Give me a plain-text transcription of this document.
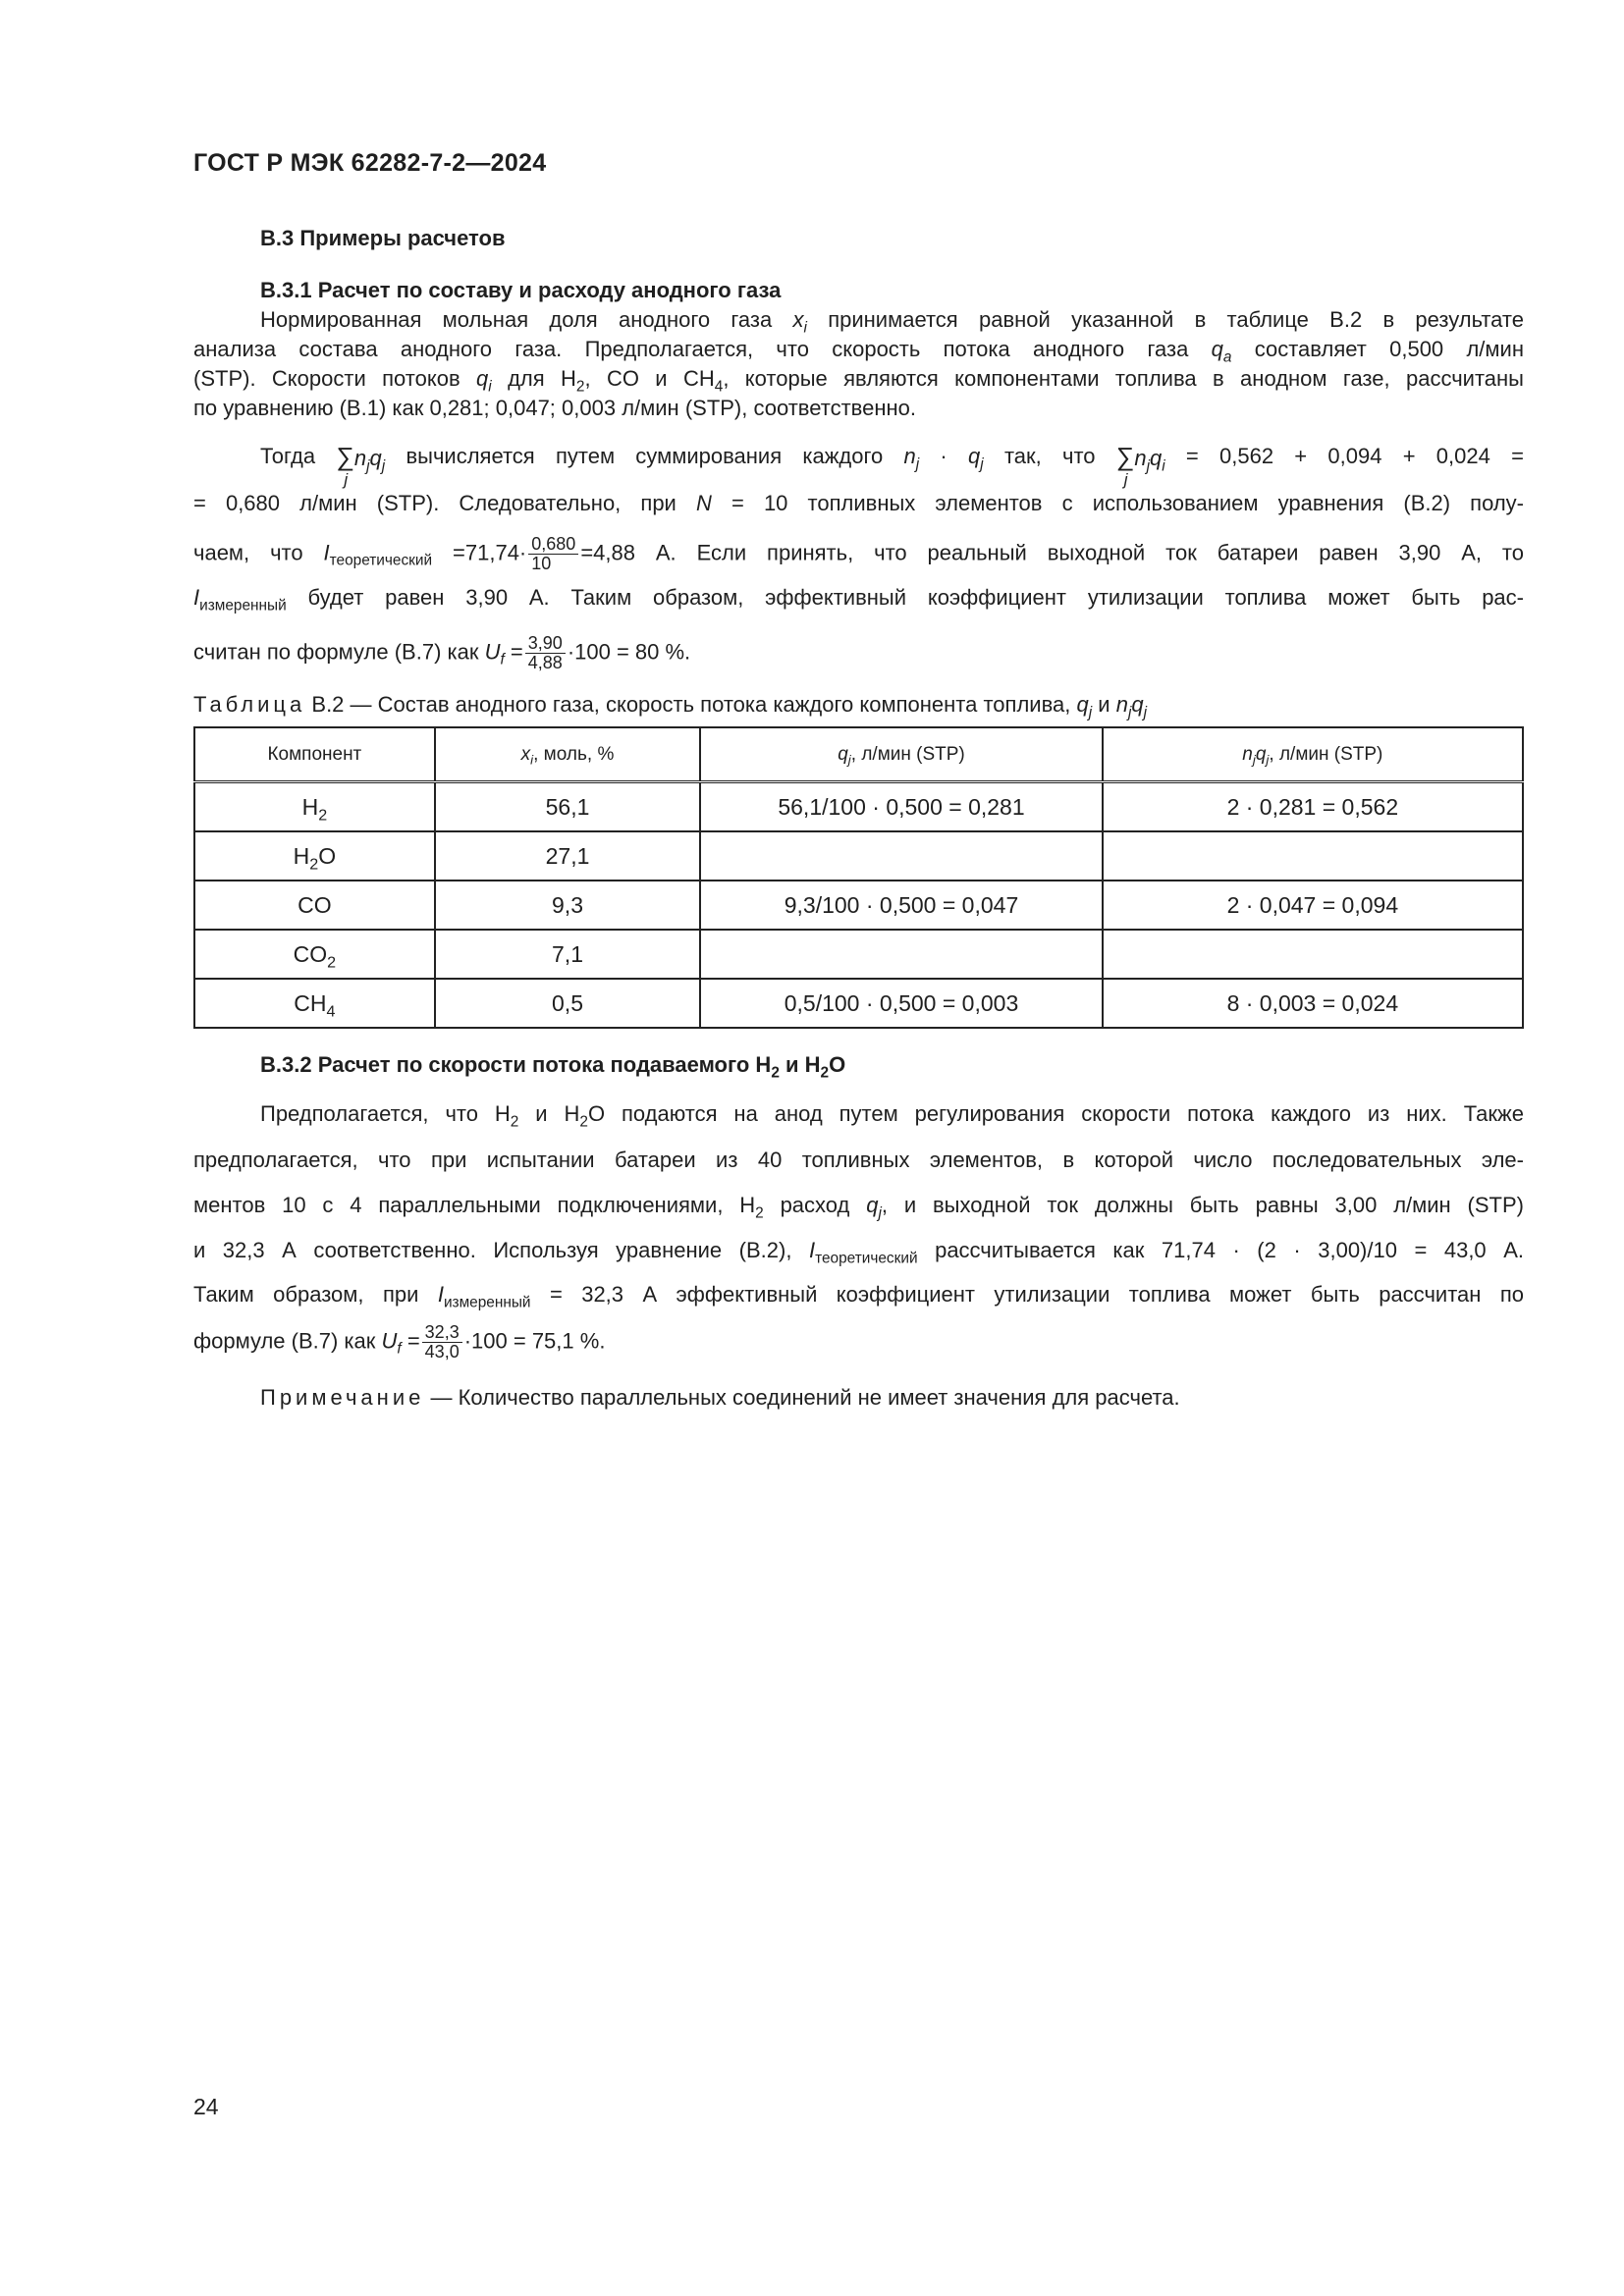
ГОСТ Р МЭК 62282-7-2—2024
В.3 Примеры расчетов
В.3.1 Расчет по составу и расходу анодного газа
Нормированная мольная доля анодного газа $x_i$ принимается равной указанной в таблице В.2 в результате
анализа состава анодного газа. Предполагается, что скорость потока анодного газа $q_a$ составляет 0,500 л/мин
(STP). Скорости потоков $q_i$ для $H_2$, CO и $CH_4$, которые являются компонентами топлива в анодном газе, рассчитаны
по уравнению (В.1) как 0,281; 0,047; 0,003 л/мин (STP), соответственно.
Тогда $\sum n_jq_j$
j
вычисляется путем суммирования каждого $n_j \cdot q_j$ так, что $\sum n_jq_i$
j
= 0,562 + 0,094 + 0,024 =
= 0,680 л/мин (STP). Следовательно, при N = 10 топливных элементов с использованием уравнения (В.2) полу-
чаем, что $I_{теоретический} =71,74\cdot \frac{0,680}{10} =4,88$ А. Если принять, что реальный выходной ток батареи равен 3,90 А, то
$I_{измеренный}$ будет равен 3,90 А. Таким образом, эффективный коэффициент утилизации топлива может быть рас-
считан по формуле (В.7) как $U_f = \frac{3,90}{4,88} \cdot 100 = 80$ %.
Таблица В.2 — Состав анодного газа, скорость потока каждого компонента топлива, $q_j$ и $n_jq_j$
Компонент	$x_i$, моль, %	$q_j$, л/мин (STP)	$n_jq_j$, л/мин (STP)
$H_2$	56,1	56,1/100 · 0,500 = 0,281	2 · 0,281 = 0,562
$H_2O$	27,1		
CO	9,3	9,3/100 · 0,500 = 0,047	2 · 0,047 = 0,094
$CO_2$	7,1		
$CH_4$	0,5	0,5/100 · 0,500 = 0,003	8 · 0,003 = 0,024
В.3.2 Расчет по скорости потока подаваемого $H_2$ и $H_2O$
Предполагается, что $H_2$ и $H_2O$ подаются на анод путем регулирования скорости потока каждого из них. Также
предполагается, что при испытании батареи из 40 топливных элементов, в которой число последовательных эле-
ментов 10 с 4 параллельными подключениями, $H_2$ расход $q_j$, и выходной ток должны быть равны 3,00 л/мин (STP)
и 32,3 А соответственно. Используя уравнение (В.2), $I_{теоретический}$ рассчитывается как 71,74 · (2 · 3,00)/10 = 43,0 А.
Таким образом, при $I_{измеренный} = 32,3$ А эффективный коэффициент утилизации топлива может быть рассчитан по
формуле (В.7) как $U_f = \frac{32,3}{43,0} \cdot 100 = 75,1$ %.
Примечание — Количество параллельных соединений не имеет значения для расчета.
24
